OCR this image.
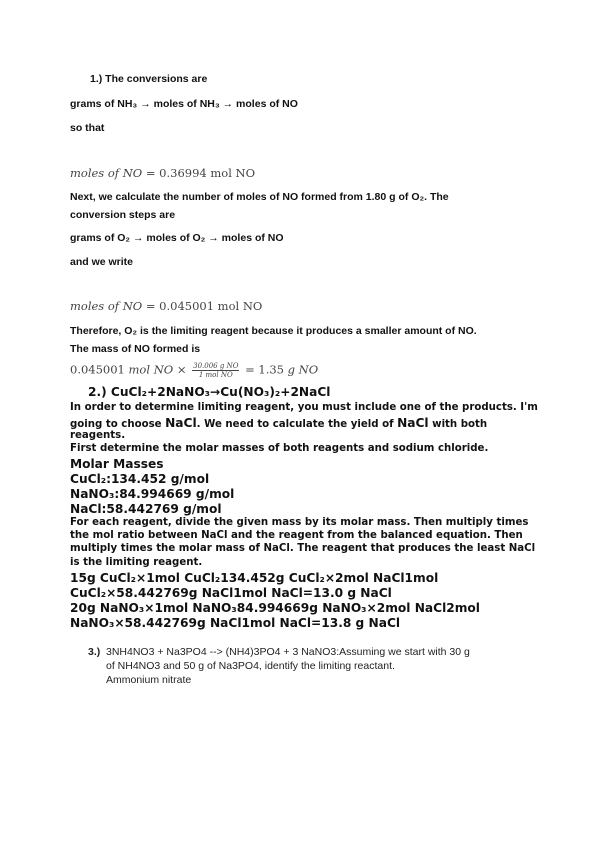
1.) The conversions are
grams of NH₃ → moles of NH₃ → moles of NO
so that
moles of NO = 0.36994 mol NO
Next, we calculate the number of moles of NO formed from 1.80 g of O₂. The
conversion steps are
grams of O₂ → moles of O₂ → moles of NO
and we write
moles of NO = 0.045001 mol NO
Therefore, O₂ is the limiting reagent because it produces a smaller amount of NO.
The mass of NO formed is
0.045001 mol NO × $\frac{\text{30.006 g NO}}{\text{1 mol NO}} = 1.35$ g NO
2.) CuCl₂+2NaNO₃→Cu(NO₃)₂+2NaCl
In order to determine limiting reagent, you must include one of the products. I'm
going to choose NaCl. We need to calculate the yield of NaCl with both
reagents.
First determine the molar masses of both reagents and sodium chloride.
Molar Masses
CuCl₂:134.452 g/mol
NaNO₃:84.994669 g/mol
NaCl:58.442769 g/mol
For each reagent, divide the given mass by its molar mass. Then multiply times
the mol ratio between NaCl and the reagent from the balanced equation. Then
multiply times the molar mass of NaCl. The reagent that produces the least NaCl
is the limiting reagent.
15g CuCl₂×1mol CuCl₂134.452g CuCl₂×2mol NaCl1mol
CuCl₂×58.442769g NaCl1mol NaCl=13.0 g NaCl
20g NaNO₃×1mol NaNO₃84.994669g NaNO₃×2mol NaCl2mol
NaNO₃×58.442769g NaCl1mol NaCl=13.8 g NaCl
3.) 3NH4NO3 + Na3PO4 --> (NH4)3PO4 + 3 NaNO3:Assuming we start with 30 g
of NH4NO3 and 50 g of Na3PO4, identify the limiting reactant.
Ammonium nitrate
